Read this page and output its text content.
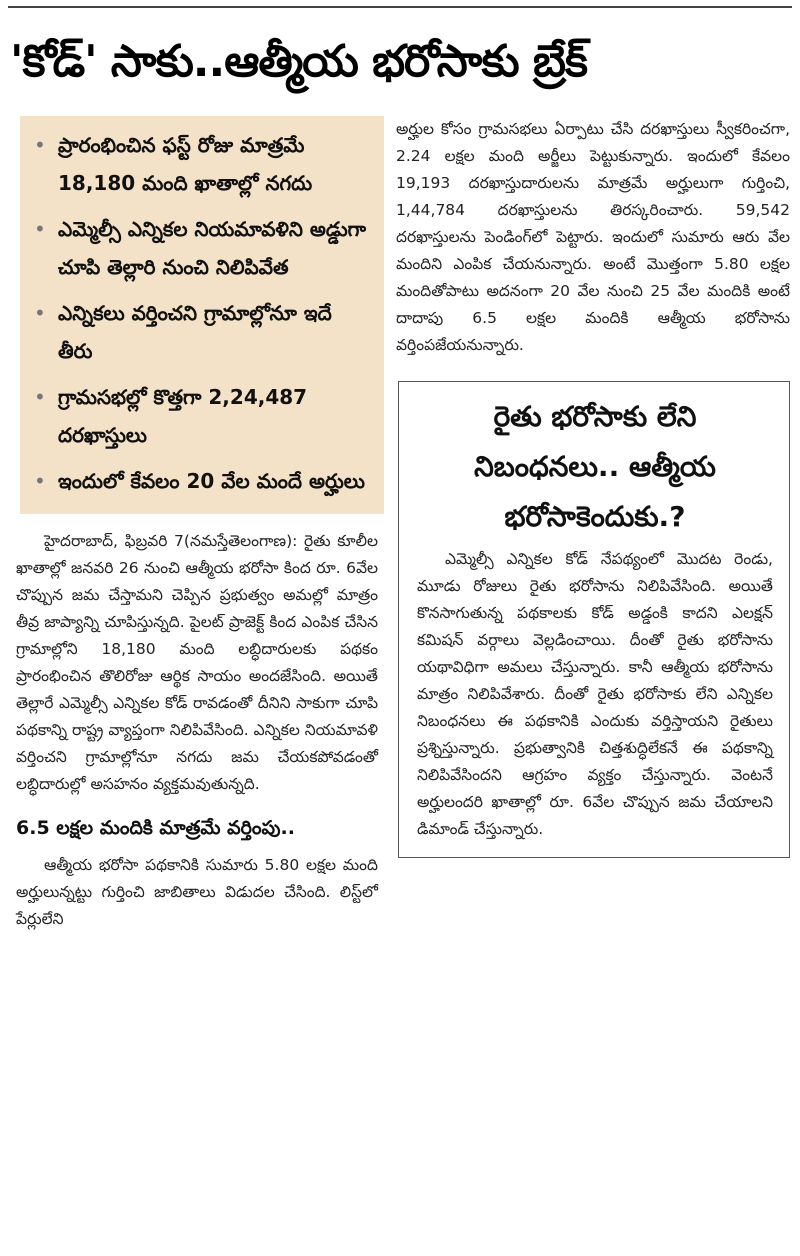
'కోడ్' సాకు..ఆత్మీయ భరోసాకు బ్రేక్
• ప్రారంభించిన ఫస్ట్ రోజు మాత్రమే 18,180 మంది ఖాతాల్లో నగదు
• ఎమ్మెల్సీ ఎన్నికల నియమావళిని అడ్డుగా చూపి తెల్లారి నుంచి నిలిపివేత
• ఎన్నికలు వర్తించని గ్రామాల్లోనూ ఇదే తీరు
• గ్రామసభల్లో కొత్తగా 2,24,487 దరఖాస్తులు
• ఇందులో కేవలం 20 వేల మందే అర్హులు

హైదరాబాద్, ఫిబ్రవరి 7(నమస్తేతెలంగాణ): రైతు కూలీల ఖాతాల్లో జనవరి 26 నుంచి ఆత్మీయ భరోసా కింద రూ. 6వేల చొప్పున జమ చేస్తామని చెప్పిన ప్రభుత్వం అమల్లో మాత్రం తీవ్ర జాప్యాన్ని చూపిస్తున్నది. పైలట్ ప్రాజెక్ట్ కింద ఎంపిక చేసిన గ్రామాల్లోని 18,180 మంది లబ్ధిదారులకు పథకం ప్రారంభించిన తొలిరోజు ఆర్థిక సాయం అందజేసింది. అయితే తెల్లారే ఎమ్మెల్సీ ఎన్నికల కోడ్ రావడంతో దీనిని సాకుగా చూపి పథకాన్ని రాష్ట్ర వ్యాప్తంగా నిలిపివేసింది. ఎన్నికల నియమావళి వర్తించని గ్రామాల్లోనూ నగదు జమ చేయకపోవడంతో లబ్ధిదారుల్లో అసహనం వ్యక్తమవుతున్నది.

6.5 లక్షల మందికి మాత్రమే వర్తింపు..

ఆత్మీయ భరోసా పథకానికి సుమారు 5.80 లక్షల మంది అర్హులున్నట్టు గుర్తించి జాబితాలు విడుదల చేసింది. లిస్ట్‌లో పేర్లులేని

అర్హుల కోసం గ్రామసభలు ఏర్పాటు చేసి దరఖాస్తులు స్వీకరించగా, 2.24 లక్షల మంది అర్జీలు పెట్టుకున్నారు. ఇందులో కేవలం 19,193 దరఖాస్తుదారులను మాత్రమే అర్హులుగా గుర్తించి, 1,44,784 దరఖాస్తులను తిరస్కరించారు. 59,542 దరఖాస్తులను పెండింగ్‌లో పెట్టారు. ఇందులో సుమారు ఆరు వేల మందిని ఎంపిక చేయనున్నారు. అంటే మొత్తంగా 5.80 లక్షల మందితోపాటు అదనంగా 20 వేల నుంచి 25 వేల మందికి అంటే దాదాపు 6.5 లక్షల మందికి ఆత్మీయ భరోసాను వర్తింపజేయనున్నారు.

రైతు భరోసాకు లేని నిబంధనలు.. ఆత్మీయ భరోసాకెందుకు.?

ఎమ్మెల్సీ ఎన్నికల కోడ్ నేపథ్యంలో మొదట రెండు, మూడు రోజులు రైతు భరోసాను నిలిపివేసింది. అయితే కొనసాగుతున్న పథకాలకు కోడ్ అడ్డంకి కాదని ఎలక్షన్ కమిషన్ వర్గాలు వెల్లడించాయి. దీంతో రైతు భరోసాను యథావిధిగా అమలు చేస్తున్నారు. కానీ ఆత్మీయ భరోసాను మాత్రం నిలిపివేశారు. దీంతో రైతు భరోసాకు లేని ఎన్నికల నిబంధనలు ఈ పథకానికి ఎందుకు వర్తిస్తాయని రైతులు ప్రశ్నిస్తున్నారు. ప్రభుత్వానికి చిత్తశుద్ధిలేకనే ఈ పథకాన్ని నిలిపివేసిందని ఆగ్రహం వ్యక్తం చేస్తున్నారు. వెంటనే అర్హులందరి ఖాతాల్లో రూ. 6వేల చొప్పున జమ చేయాలని డిమాండ్ చేస్తున్నారు.
